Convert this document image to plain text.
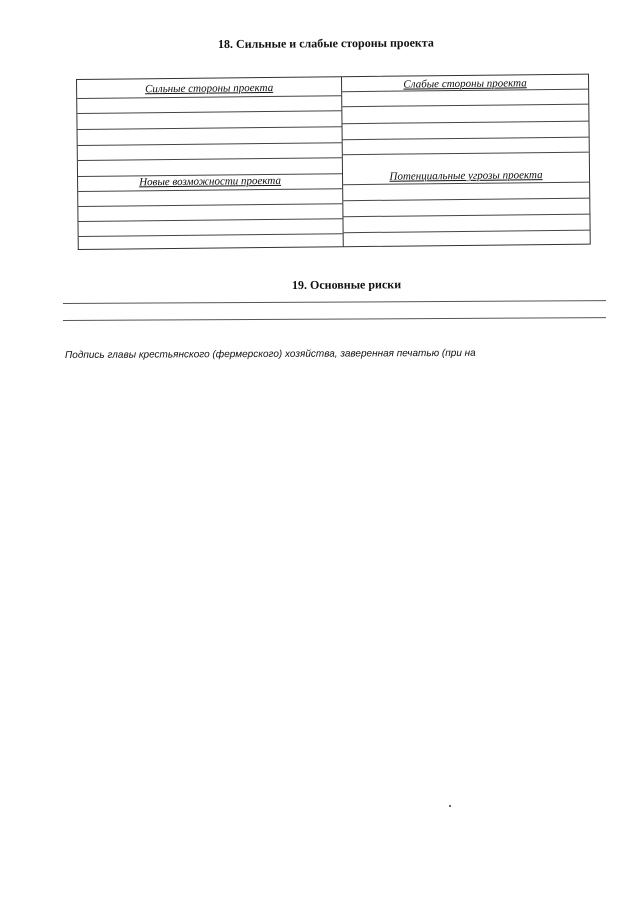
18. Сильные и слабые стороны проекта
Сильные стороны проекта
Новые возможности проекта
Слабые стороны проекта
Потенциальные угрозы проекта
19. Основные риски

Подпись главы крестьянского (фермерского) хозяйства, заверенная печатью (при на
